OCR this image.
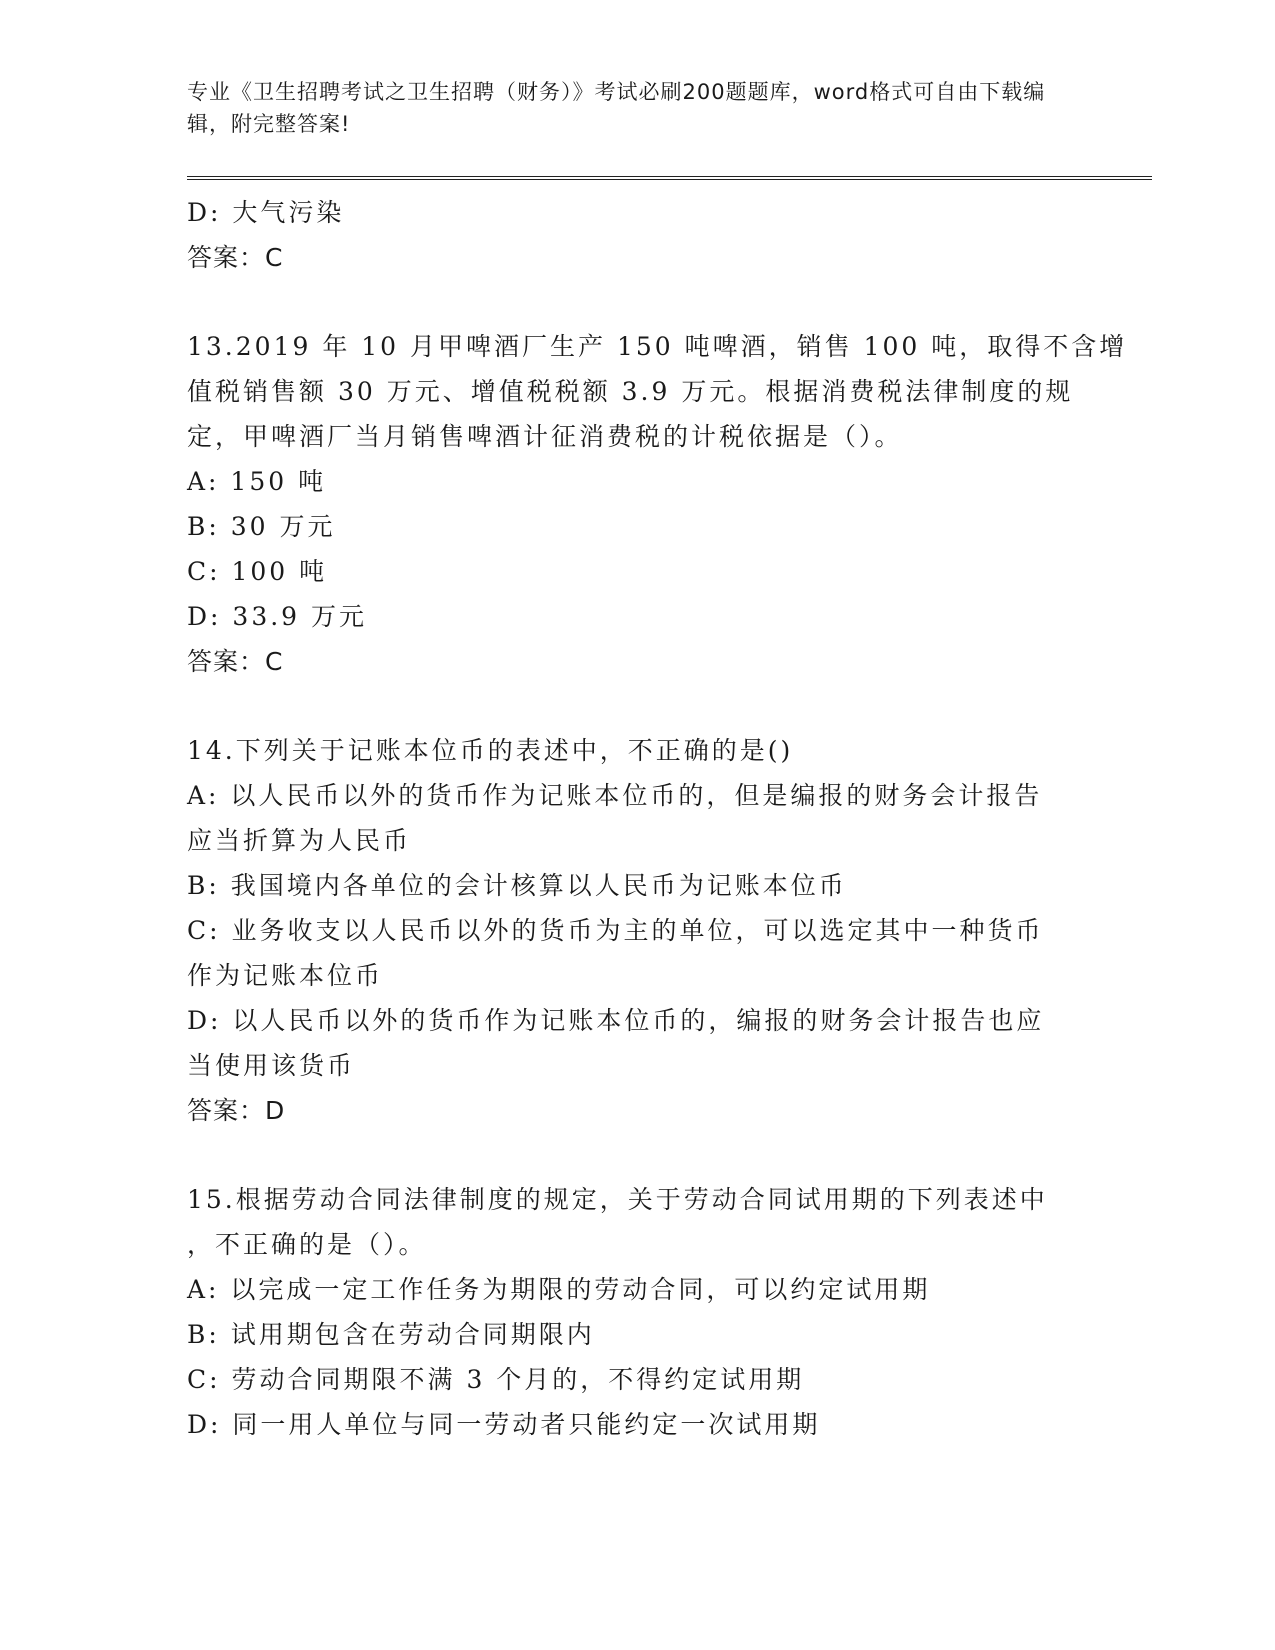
专业《卫生招聘考试之卫生招聘（财务）》考试必刷200题题库，word格式可自由下载编辑，附完整答案!
D: 大气污染
答案：C
13.2019 年 10 月甲啤酒厂生产 150 吨啤酒，销售 100 吨，取得不含增
值税销售额 30 万元、增值税税额 3.9 万元。根据消费税法律制度的规
定，甲啤酒厂当月销售啤酒计征消费税的计税依据是（）。
A: 150 吨
B: 30 万元
C: 100 吨
D: 33.9 万元
答案：C
14.下列关于记账本位币的表述中，不正确的是()
A: 以人民币以外的货币作为记账本位币的，但是编报的财务会计报告
应当折算为人民币
B: 我国境内各单位的会计核算以人民币为记账本位币
C: 业务收支以人民币以外的货币为主的单位，可以选定其中一种货币
作为记账本位币
D: 以人民币以外的货币作为记账本位币的，编报的财务会计报告也应
当使用该货币
答案：D
15.根据劳动合同法律制度的规定，关于劳动合同试用期的下列表述中
，不正确的是（）。
A: 以完成一定工作任务为期限的劳动合同，可以约定试用期
B: 试用期包含在劳动合同期限内
C: 劳动合同期限不满 3 个月的，不得约定试用期
D: 同一用人单位与同一劳动者只能约定一次试用期
